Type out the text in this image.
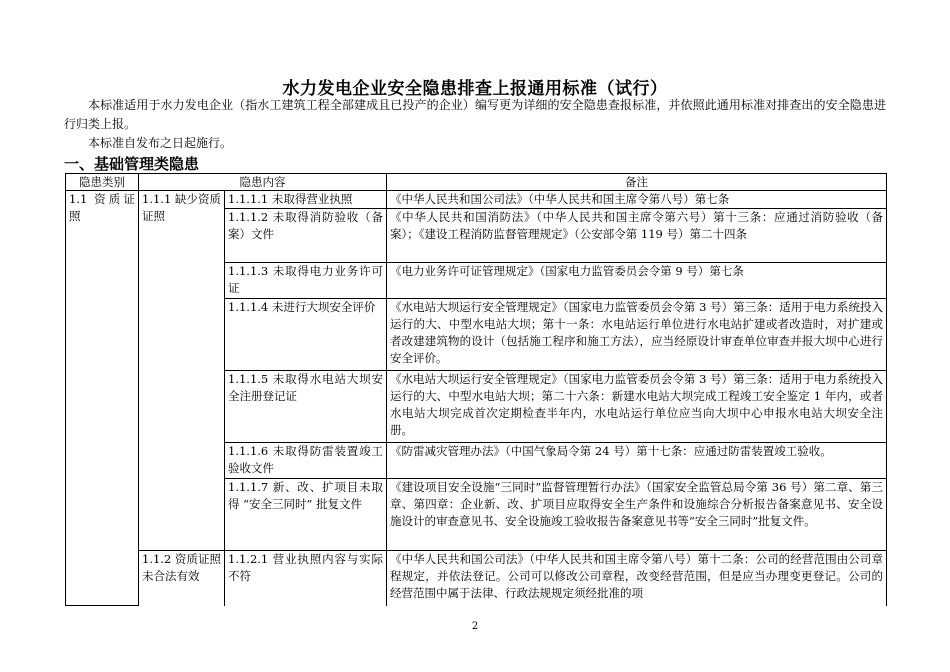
水力发电企业安全隐患排查上报通用标准（试行）

本标准适用于水力发电企业（指水工建筑工程全部建成且已投产的企业）编写更为详细的安全隐患查报标准，并依照此通用标准对排查出的安全隐患进行归类上报。

本标准自发布之日起施行。

一、基础管理类隐患
隐患类别	隐患内容		备注
1.1 资质证照	1.1.1 缺少资质证照	1.1.1.1 未取得营业执照	《中华人民共和国公司法》（中华人民共和国主席令第八号）第七条
		1.1.1.2 未取得消防验收（备案）文件	《中华人民共和国消防法》（中华人民共和国主席令第六号）第十三条：应通过消防验收（备案）；《建设工程消防监督管理规定》（公安部令第 119 号）第二十四条
		1.1.1.3 未取得电力业务许可证	《电力业务许可证管理规定》（国家电力监管委员会令第 9 号）第七条
		1.1.1.4 未进行大坝安全评价	《水电站大坝运行安全管理规定》（国家电力监管委员会令第 3 号）第三条：适用于电力系统投入运行的大、中型水电站大坝；第十一条：水电站运行单位进行水电站扩建或者改造时，对扩建或者改建建筑物的设计（包括施工程序和施工方法），应当经原设计审查单位审查并报大坝中心进行安全评价。
		1.1.1.5 未取得水电站大坝安全注册登记证	《水电站大坝运行安全管理规定》（国家电力监管委员会令第 3 号）第三条：适用于电力系统投入运行的大、中型水电站大坝；第二十六条：新建水电站大坝完成工程竣工安全鉴定 1 年内，或者水电站大坝完成首次定期检查半年内，水电站运行单位应当向大坝中心申报水电站大坝安全注册。
		1.1.1.6 未取得防雷装置竣工验收文件	《防雷减灾管理办法》（中国气象局令第 24 号）第十七条：应通过防雷装置竣工验收。
		1.1.1.7 新、改、扩项目未取得 “安全三同时” 批复文件	《建设项目安全设施“三同时”监督管理暂行办法》（国家安全监管总局令第 36 号）第二章、第三章、第四章：企业新、改、扩项目应取得安全生产条件和设施综合分析报告备案意见书、安全设施设计的审查意见书、安全设施竣工验收报告备案意见书等“安全三同时”批复文件。
	1.1.2 资质证照未合法有效	1.1.2.1 营业执照内容与实际不符	《中华人民共和国公司法》（中华人民共和国主席令第八号）第十二条：公司的经营范围由公司章程规定，并依法登记。公司可以修改公司章程，改变经营范围，但是应当办理变更登记。公司的经营范围中属于法律、行政法规规定须经批准的项
2
